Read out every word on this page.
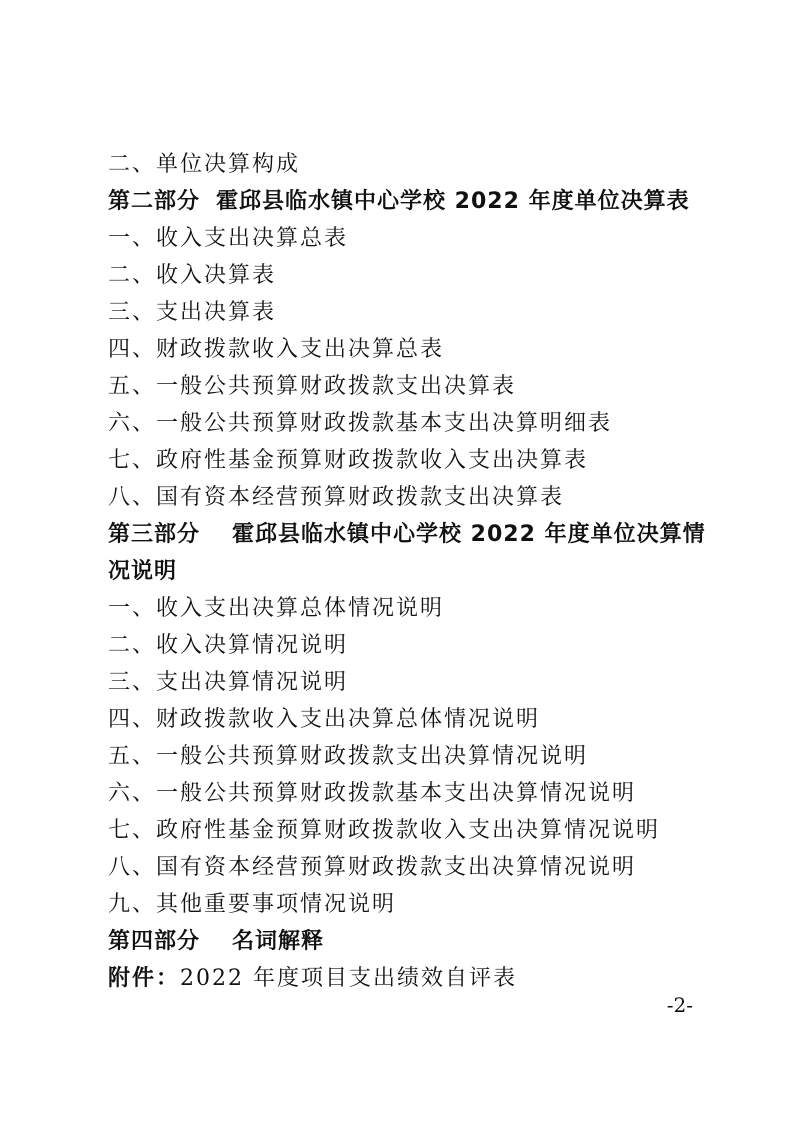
二、单位决算构成
第二部分 霍邱县临水镇中心学校 2022 年度单位决算表
一、收入支出决算总表
二、收入决算表
三、支出决算表
四、财政拨款收入支出决算总表
五、一般公共预算财政拨款支出决算表
六、一般公共预算财政拨款基本支出决算明细表
七、政府性基金预算财政拨款收入支出决算表
八、国有资本经营预算财政拨款支出决算表
第三部分 霍邱县临水镇中心学校 2022 年度单位决算情况说明
一、收入支出决算总体情况说明
二、收入决算情况说明
三、支出决算情况说明
四、财政拨款收入支出决算总体情况说明
五、一般公共预算财政拨款支出决算情况说明
六、一般公共预算财政拨款基本支出决算情况说明
七、政府性基金预算财政拨款收入支出决算情况说明
八、国有资本经营预算财政拨款支出决算情况说明
九、其他重要事项情况说明
第四部分 名词解释
附件：2022 年度项目支出绩效自评表
-2-
